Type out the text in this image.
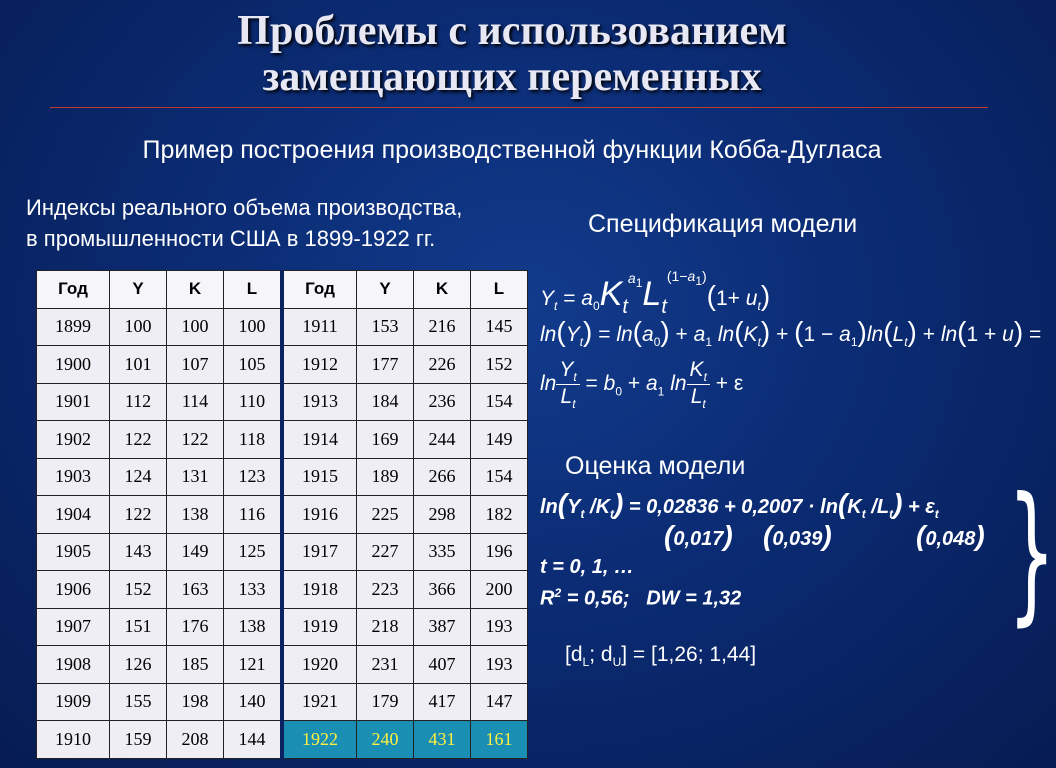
Проблемы с использованием
замещающих переменных
Пример построения производственной функции Кобба-Дугласа
Индексы реального объема производства,
в промышленности США в 1899-1922 гг.
Спецификация модели
Оценка модели
Год	Y	K	L	Год	Y	K	L
1899	100	100	100	1911	153	216	145
1900	101	107	105	1912	177	226	152
1901	112	114	110	1913	184	236	154
1902	122	122	118	1914	169	244	149
1903	124	131	123	1915	189	266	154
1904	122	138	116	1916	225	298	182
1905	143	149	125	1917	227	335	196
1906	152	163	133	1918	223	366	200
1907	151	176	138	1919	218	387	193
1908	126	185	121	1920	231	407	193
1909	155	198	140	1921	179	417	147
1910	159	208	144	1922	240	431	161
$Y_t = a_0K_t^{a_1}L_t^{(1-a_1)}(1+ u_t)$
$\ln(Y_t) = \ln(a_0) + a_1$ $\ln(K_t) + (1 - a_1)\ln(L_t) + \ln(1 + u)$ =
$\ln \frac{Y_t}{L_t} = b_0 + a_1$ $\ln \frac{K_t}{L_t} + \varepsilon$
$\ln(Y_t$ $/K_t) = 0,02836 + 0,2007 \cdot \ln(K_t$ $/L_t) + \varepsilon_t$
(0,017) (0,039)	(0,048)
t = 0, 1, …
$R^2 = 0,56$;   DW = 1,32 }
[$d_L$; $d_U] = [1,26$; 1,44]
